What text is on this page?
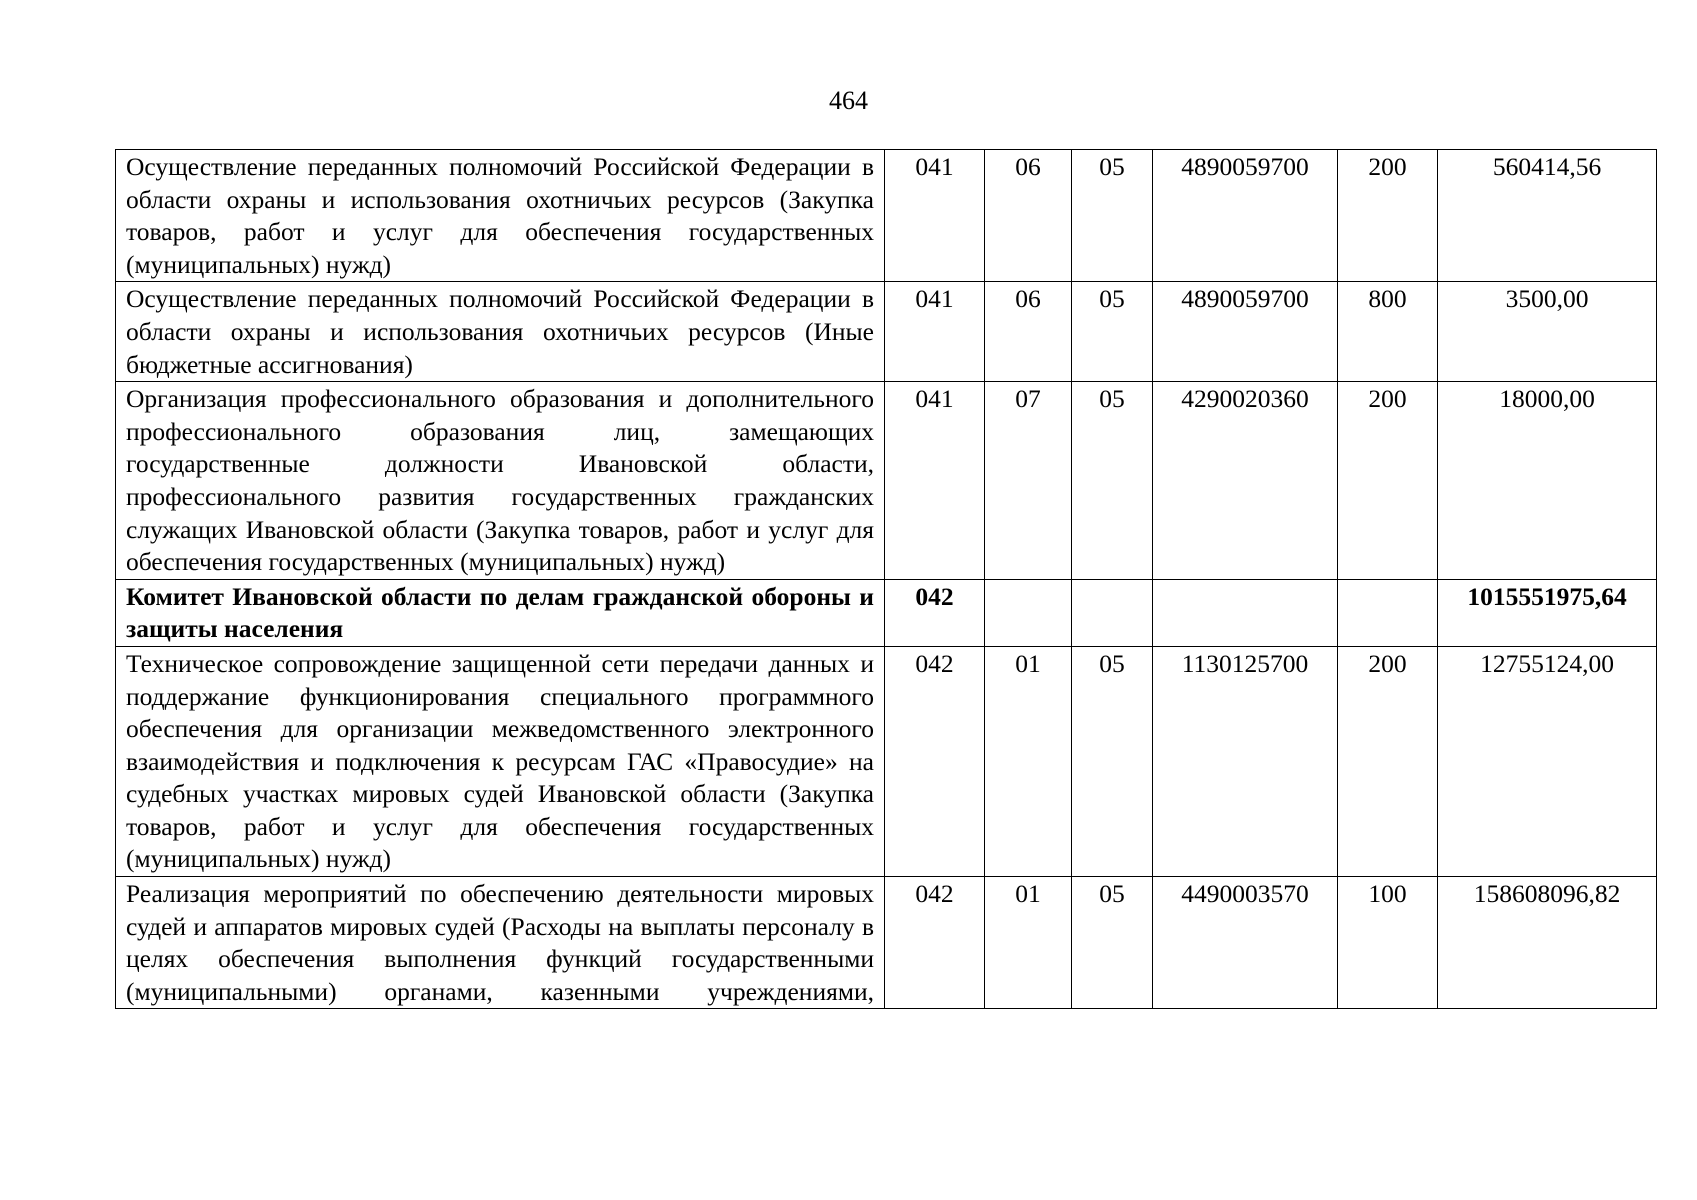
464
Осуществление переданных полномочий Российской Федерации в области охраны и использования охотничьих ресурсов (Закупка товаров, работ и услуг для обеспечения государственных (муниципальных) нужд)	041	06	05	4890059700	200	560414,56
Осуществление переданных полномочий Российской Федерации в области охраны и использования охотничьих ресурсов (Иные бюджетные ассигнования)	041	06	05	4890059700	800	3500,00
Организация профессионального образования и дополнительного профессионального образования лиц, замещающих государственные должности Ивановской области, профессионального развития государственных гражданских служащих Ивановской области (Закупка товаров, работ и услуг для обеспечения государственных (муниципальных) нужд)	041	07	05	4290020360	200	18000,00
Комитет Ивановской области по делам гражданской обороны и защиты населения	042					1015551975,64
Техническое сопровождение защищенной сети передачи данных и поддержание функционирования специального программного обеспечения для организации межведомственного электронного взаимодействия и подключения к ресурсам ГАС «Правосудие» на судебных участках мировых судей Ивановской области (Закупка товаров, работ и услуг для обеспечения государственных (муниципальных) нужд)	042	01	05	1130125700	200	12755124,00
Реализация мероприятий по обеспечению деятельности мировых судей и аппаратов мировых судей (Расходы на выплаты персоналу в целях обеспечения выполнения функций государственными (муниципальными) органами, казенными учреждениями,	042	01	05	4490003570	100	158608096,82
